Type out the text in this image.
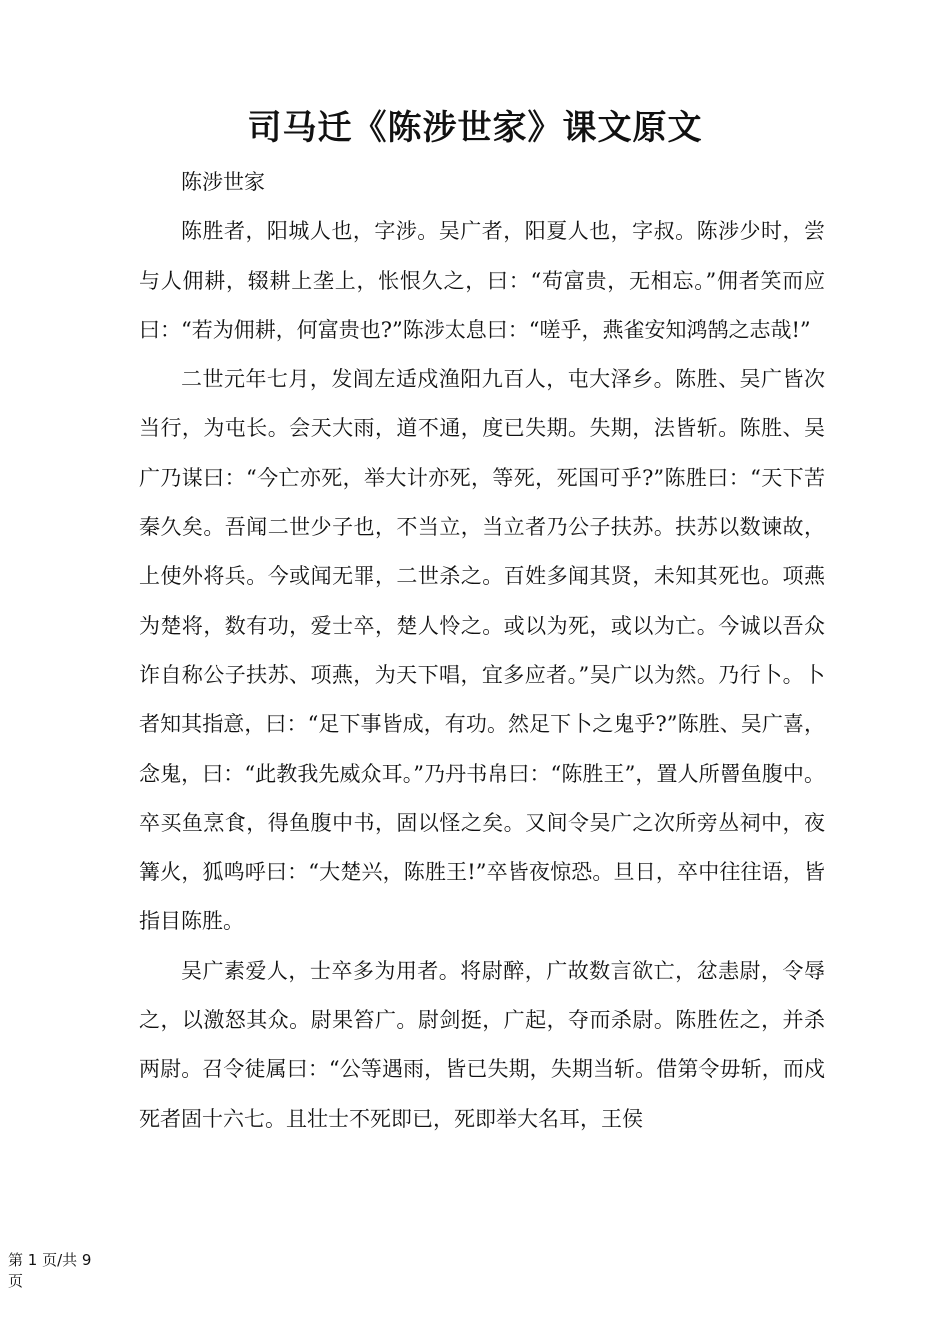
司马迁《陈涉世家》课文原文

陈涉世家

陈胜者，阳城人也，字涉。吴广者，阳夏人也，字叔。陈涉少时，尝与人佣耕，辍耕上垄上，怅恨久之，曰：“苟富贵，无相忘。”佣者笑而应曰：“若为佣耕，何富贵也?”陈涉太息曰：“嗟乎，燕雀安知鸿鹄之志哉!”

二世元年七月，发闾左适戍渔阳九百人，屯大泽乡。陈胜、吴广皆次当行，为屯长。会天大雨，道不通，度已失期。失期，法皆斩。陈胜、吴广乃谋曰：“今亡亦死，举大计亦死，等死，死国可乎?”陈胜曰：“天下苦秦久矣。吾闻二世少子也，不当立，当立者乃公子扶苏。扶苏以数谏故，上使外将兵。今或闻无罪，二世杀之。百姓多闻其贤，未知其死也。项燕为楚将，数有功，爱士卒，楚人怜之。或以为死，或以为亡。今诚以吾众诈自称公子扶苏、项燕，为天下唱，宜多应者。”吴广以为然。乃行卜。卜者知其指意，曰：“足下事皆成，有功。然足下卜之鬼乎?”陈胜、吴广喜，念鬼，曰：“此教我先威众耳。”乃丹书帛曰：“陈胜王”，置人所罾鱼腹中。卒买鱼烹食，得鱼腹中书，固以怪之矣。又间令吴广之次所旁丛祠中，夜篝火，狐鸣呼曰：“大楚兴，陈胜王!”卒皆夜惊恐。旦日，卒中往往语，皆指目陈胜。

吴广素爱人，士卒多为用者。将尉醉，广故数言欲亡，忿恚尉，令辱之，以激怒其众。尉果笞广。尉剑挺，广起，夺而杀尉。陈胜佐之，并杀两尉。召令徒属曰：“公等遇雨，皆已失期，失期当斩。借第令毋斩，而戍死者固十六七。且壮士不死即已，死即举大名耳，王侯

第 1 页/共 9 页
